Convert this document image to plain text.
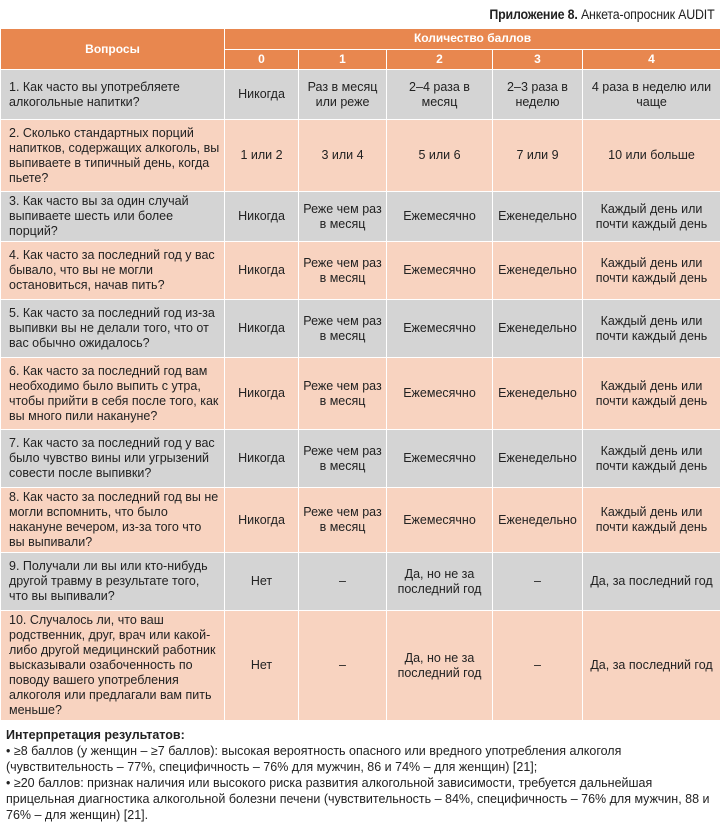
Приложение 8. Анкета-опросник AUDIT
Вопросы	Количество баллов				
	0	1	2	3	4
1. Как часто вы употребляете алкогольные напитки?	Никогда	Раз в месяц или реже	2–4 раза в месяц	2–3 раза в неделю	4 раза в неделю или чаще
2. Сколько стандартных порций напитков, содержащих алкоголь, вы выпиваете в типичный день, когда пьете?	1 или 2	3 или 4	5 или 6	7 или 9	10 или больше
3. Как часто вы за один случай выпиваете шесть или более порций?	Никогда	Реже чем раз в месяц	Ежемесячно	Еженедельно	Каждый день или почти каждый день
4. Как часто за последний год у вас бывало, что вы не могли остановиться, начав пить?	Никогда	Реже чем раз в месяц	Ежемесячно	Еженедельно	Каждый день или почти каждый день
5. Как часто за последний год из-за выпивки вы не делали того, что от вас обычно ожидалось?	Никогда	Реже чем раз в месяц	Ежемесячно	Еженедельно	Каждый день или почти каждый день
6. Как часто за последний год вам необходимо было выпить с утра, чтобы прийти в себя после того, как вы много пили накануне?	Никогда	Реже чем раз в месяц	Ежемесячно	Еженедельно	Каждый день или почти каждый день
7. Как часто за последний год у вас было чувство вины или угрызений совести после выпивки?	Никогда	Реже чем раз в месяц	Ежемесячно	Еженедельно	Каждый день или почти каждый день
8. Как часто за последний год вы не могли вспомнить, что было накануне вечером, из-за того что вы выпивали?	Никогда	Реже чем раз в месяц	Ежемесячно	Еженедельно	Каждый день или почти каждый день
9. Получали ли вы или кто-нибудь другой травму в результате того, что вы выпивали?	Нет	–	Да, но не за последний год	–	Да, за последний год
10. Случалось ли, что ваш родственник, друг, врач или какой-либо другой медицинский работник высказывали озабоченность по поводу вашего употребления алкоголя или предлагали вам пить меньше?	Нет	–	Да, но не за последний год	–	Да, за последний год
Интерпретация результатов:
• ≥8 баллов (у женщин – ≥7 баллов): высокая вероятность опасного или вредного употребления алкоголя (чувствительность – 77%, специфичность – 76% для мужчин, 86 и 74% – для женщин) [21];
• ≥20 баллов: признак наличия или высокого риска развития алкогольной зависимости, требуется дальнейшая прицельная диагностика алкогольной болезни печени (чувствительность – 84%, специфичность – 76% для мужчин, 88 и 76% – для женщин) [21].
